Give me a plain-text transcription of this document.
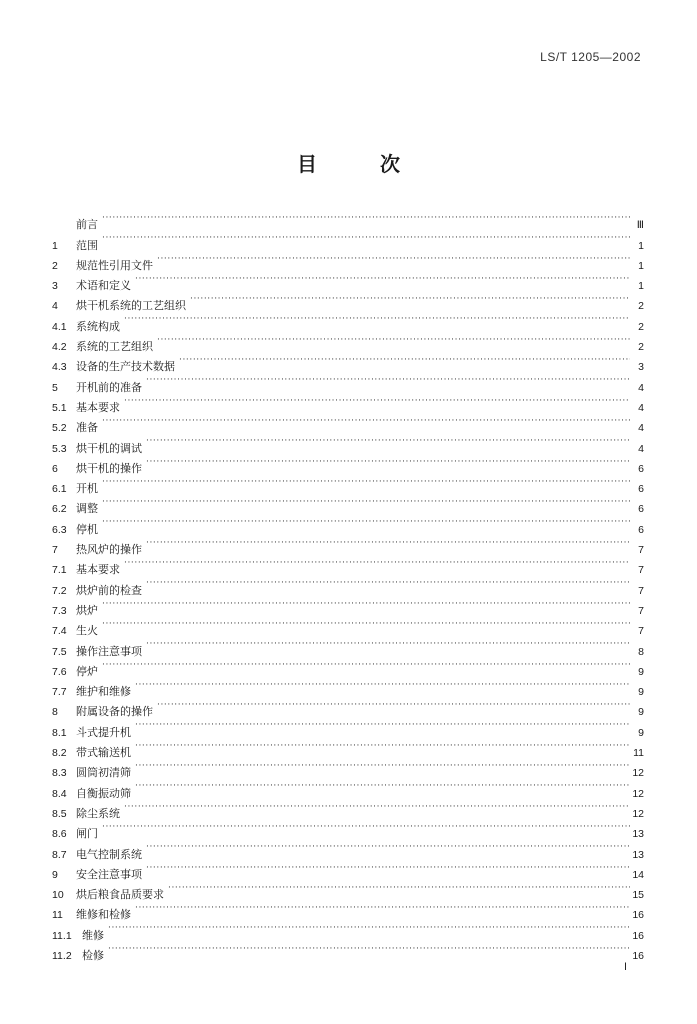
LS/T 1205—2002
目 次
前言 ·····	Ⅲ
1	范围 ·····	1
2	规范性引用文件 ·····	1
3	术语和定义 ·····	1
4	烘干机系统的工艺组织 ·····	2
4.1 系统构成 ·····	2
4.2 系统的工艺组织 ·····	2
4.3 设备的生产技术数据 ·····	3
5	开机前的准备 ·····	4
5.1 基本要求 ·····	4
5.2 准备 ·····	4
5.3 烘干机的调试 ·····	4
6	烘干机的操作 ·····	6
6.1 开机 ·····	6
6.2 调整 ·····	6
6.3 停机 ·····	6
7	热风炉的操作 ·····	7
7.1 基本要求 ·····	7
7.2 烘炉前的检查 ·····	7
7.3 烘炉 ·····	7
7.4 生火 ·····	7
7.5 操作注意事项 ·····	8
7.6 停炉 ·····	9
7.7 维护和维修 ·····	9
8	附属设备的操作 ·····	9
8.1 斗式提升机 ·····	9
8.2 带式输送机 ·····	11
8.3 圆筒初清筛 ·····	12
8.4 自衡振动筛 ·····	12
8.5 除尘系统 ·····	12
8.6 闸门 ·····	13
8.7 电气控制系统 ·····	13
9	安全注意事项 ·····	14
10	烘后粮食品质要求 ·····	15
11	维修和检修 ·····	16
11.1 维修 ·····	16
11.2 检修 ·····	16
Ⅰ
